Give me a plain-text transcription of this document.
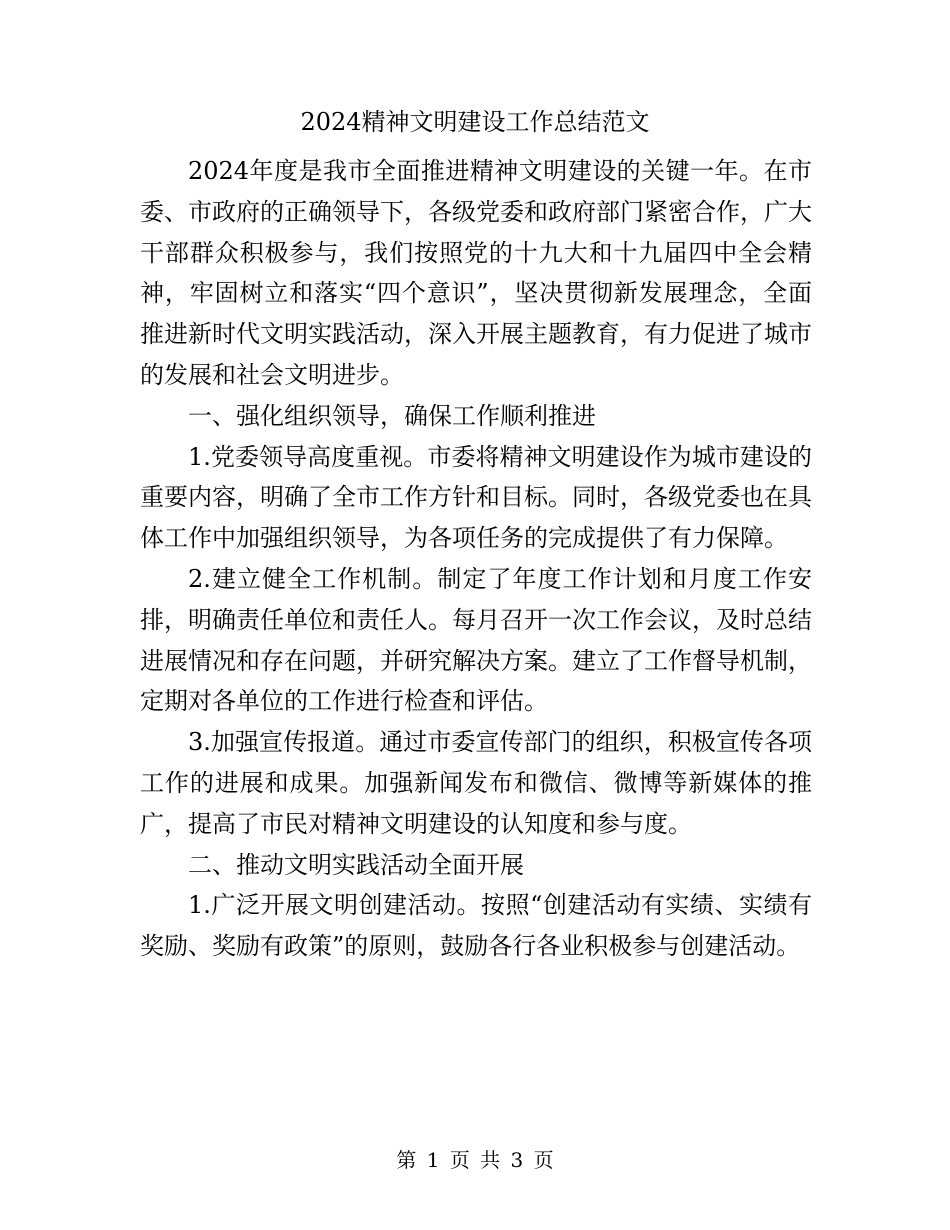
2024精神文明建设工作总结范文

2024年度是我市全面推进精神文明建设的关键一年。在市委、市政府的正确领导下，各级党委和政府部门紧密合作，广大干部群众积极参与，我们按照党的十九大和十九届四中全会精神，牢固树立和落实“四个意识”，坚决贯彻新发展理念，全面推进新时代文明实践活动，深入开展主题教育，有力促进了城市的发展和社会文明进步。

一、强化组织领导，确保工作顺利推进

1.党委领导高度重视。市委将精神文明建设作为城市建设的重要内容，明确了全市工作方针和目标。同时，各级党委也在具体工作中加强组织领导，为各项任务的完成提供了有力保障。

2.建立健全工作机制。制定了年度工作计划和月度工作安排，明确责任单位和责任人。每月召开一次工作会议，及时总结进展情况和存在问题，并研究解决方案。建立了工作督导机制，定期对各单位的工作进行检查和评估。

3.加强宣传报道。通过市委宣传部门的组织，积极宣传各项工作的进展和成果。加强新闻发布和微信、微博等新媒体的推广，提高了市民对精神文明建设的认知度和参与度。

二、推动文明实践活动全面开展

1.广泛开展文明创建活动。按照“创建活动有实绩、实绩有奖励、奖励有政策”的原则，鼓励各行各业积极参与创建活动。

第 1 页 共 3 页
